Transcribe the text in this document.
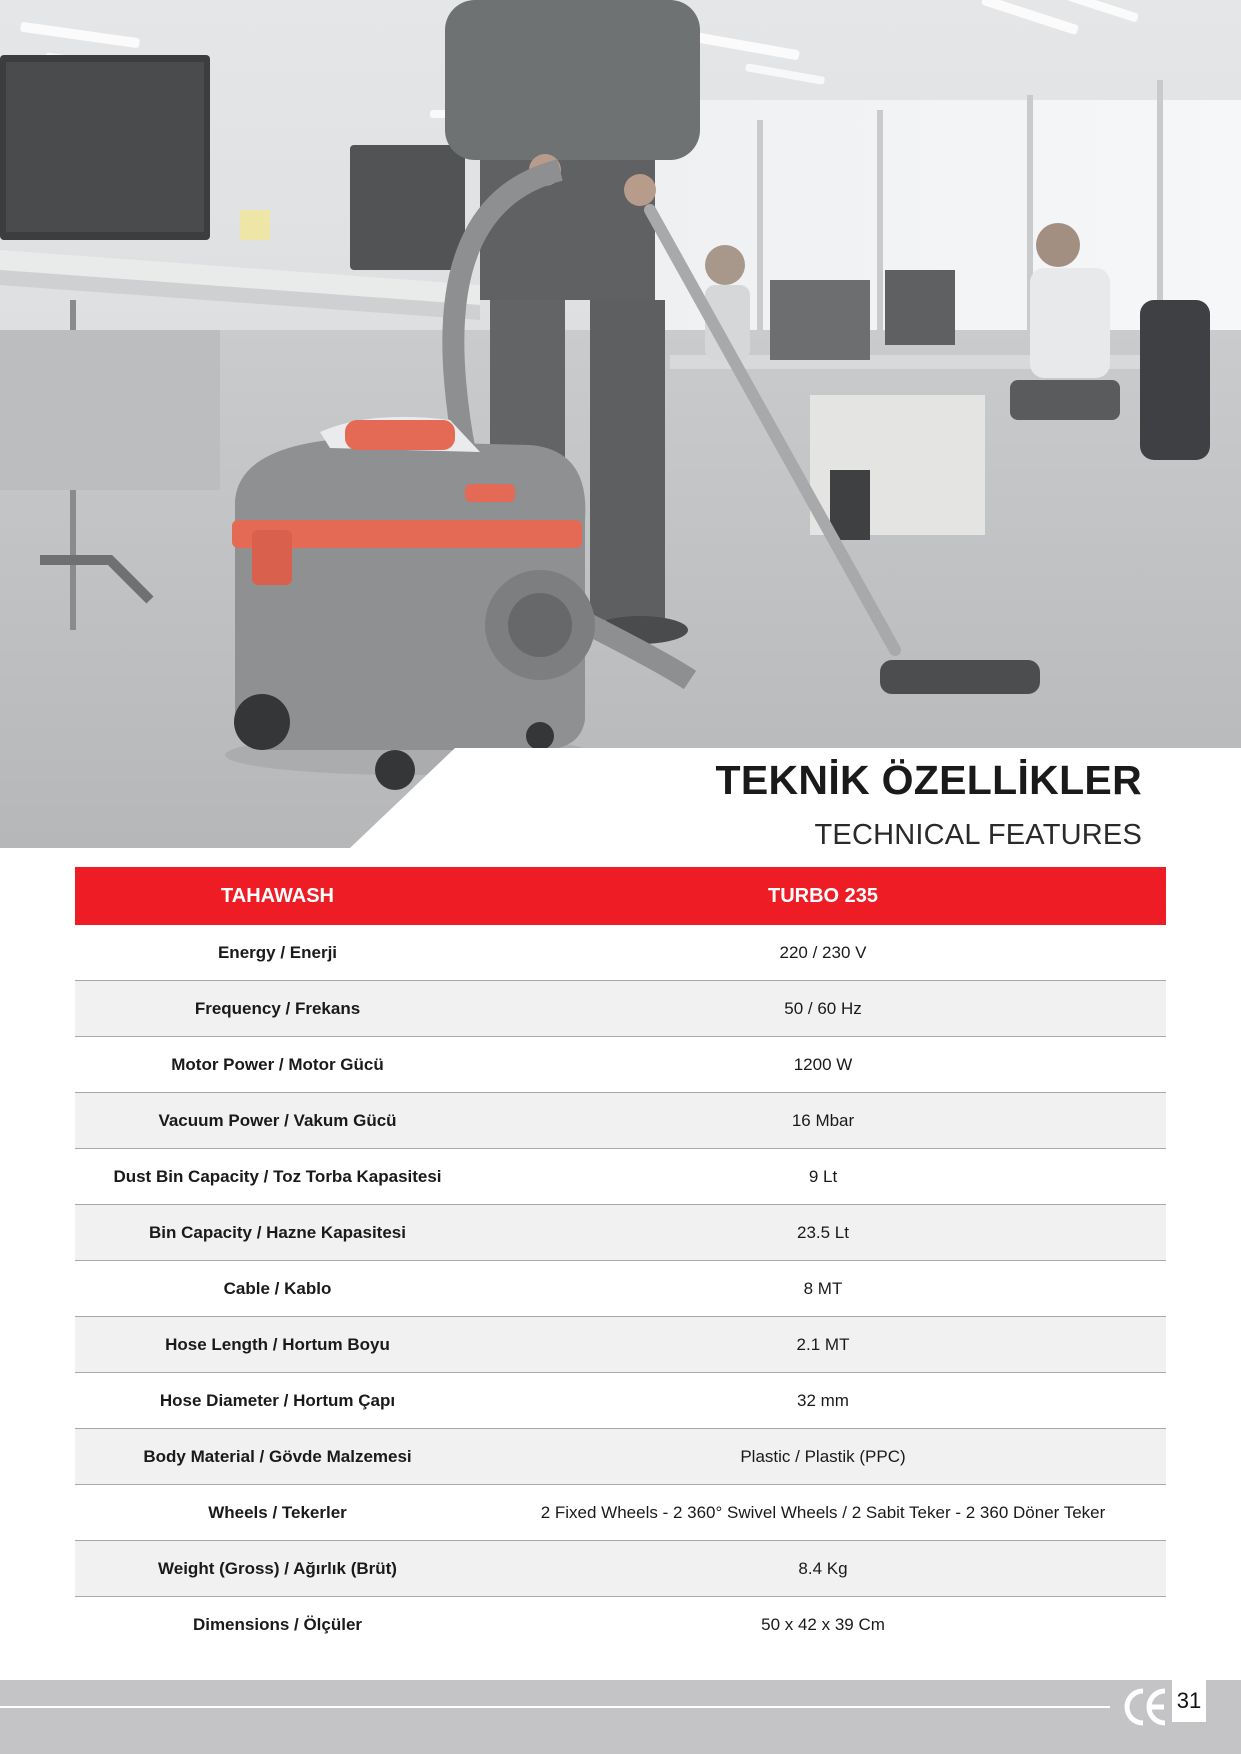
TEKNİK ÖZELLİKLER
TECHNICAL FEATURES
TAHAWASH	TURBO 235
Energy / Enerji	220 / 230 V
Frequency / Frekans	50 / 60 Hz
Motor Power / Motor Gücü	1200 W
Vacuum Power / Vakum Gücü	16 Mbar
Dust Bin Capacity / Toz Torba Kapasitesi	9 Lt
Bin Capacity / Hazne Kapasitesi	23.5 Lt
Cable / Kablo	8 MT
Hose Length / Hortum Boyu	2.1 MT
Hose Diameter / Hortum Çapı	32 mm
Body Material / Gövde Malzemesi	Plastic / Plastik (PPC)
Wheels / Tekerler	2 Fixed Wheels - 2 360° Swivel Wheels / 2 Sabit Teker - 2 360 Döner Teker
Weight (Gross) / Ağırlık (Brüt)	8.4 Kg
Dimensions / Ölçüler	50 x 42 x 39 Cm
31
